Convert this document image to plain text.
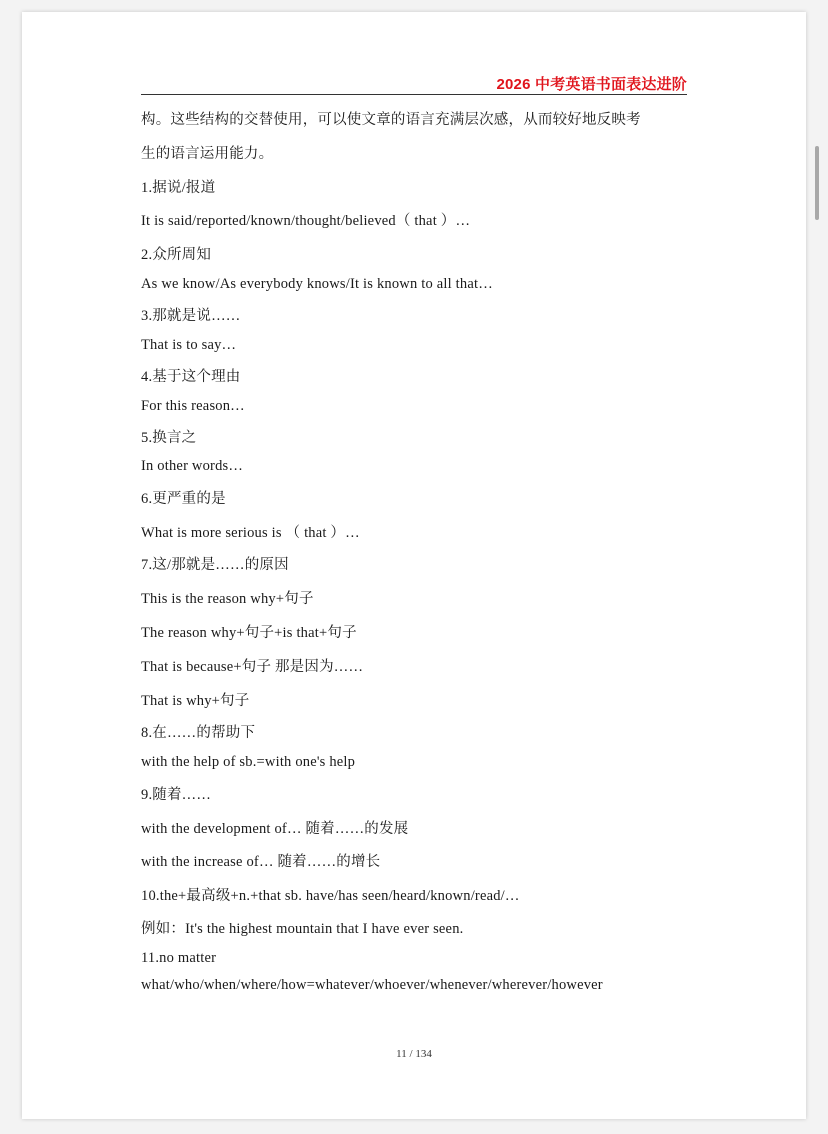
2026 中考英语书面表达进阶
构。这些结构的交替使用，可以使文章的语言充满层次感，从而较好地反映考
生的语言运用能力。
1.据说/报道
It is said/reported/known/thought/believed（ that ）…
2.众所周知
As we know/As everybody knows/It is known to all that…
3.那就是说……
That is to say…
4.基于这个理由
For this reason…
5.换言之
In other words…
6.更严重的是
What is more serious is （ that ）…
7.这/那就是……的原因
This is the reason why+句子
The reason why+句子+is that+句子
That is because+句子 那是因为……
That is why+句子
8.在……的帮助下
with the help of sb.=with one's help
9.随着……
with the development of… 随着……的发展
with the increase of… 随着……的增长
10.the+最高级+n.+that sb. have/has seen/heard/known/read/…
例如：It's the highest mountain that I have ever seen.
11.no matter
what/who/when/where/how=whatever/whoever/whenever/wherever/however
11 / 134
